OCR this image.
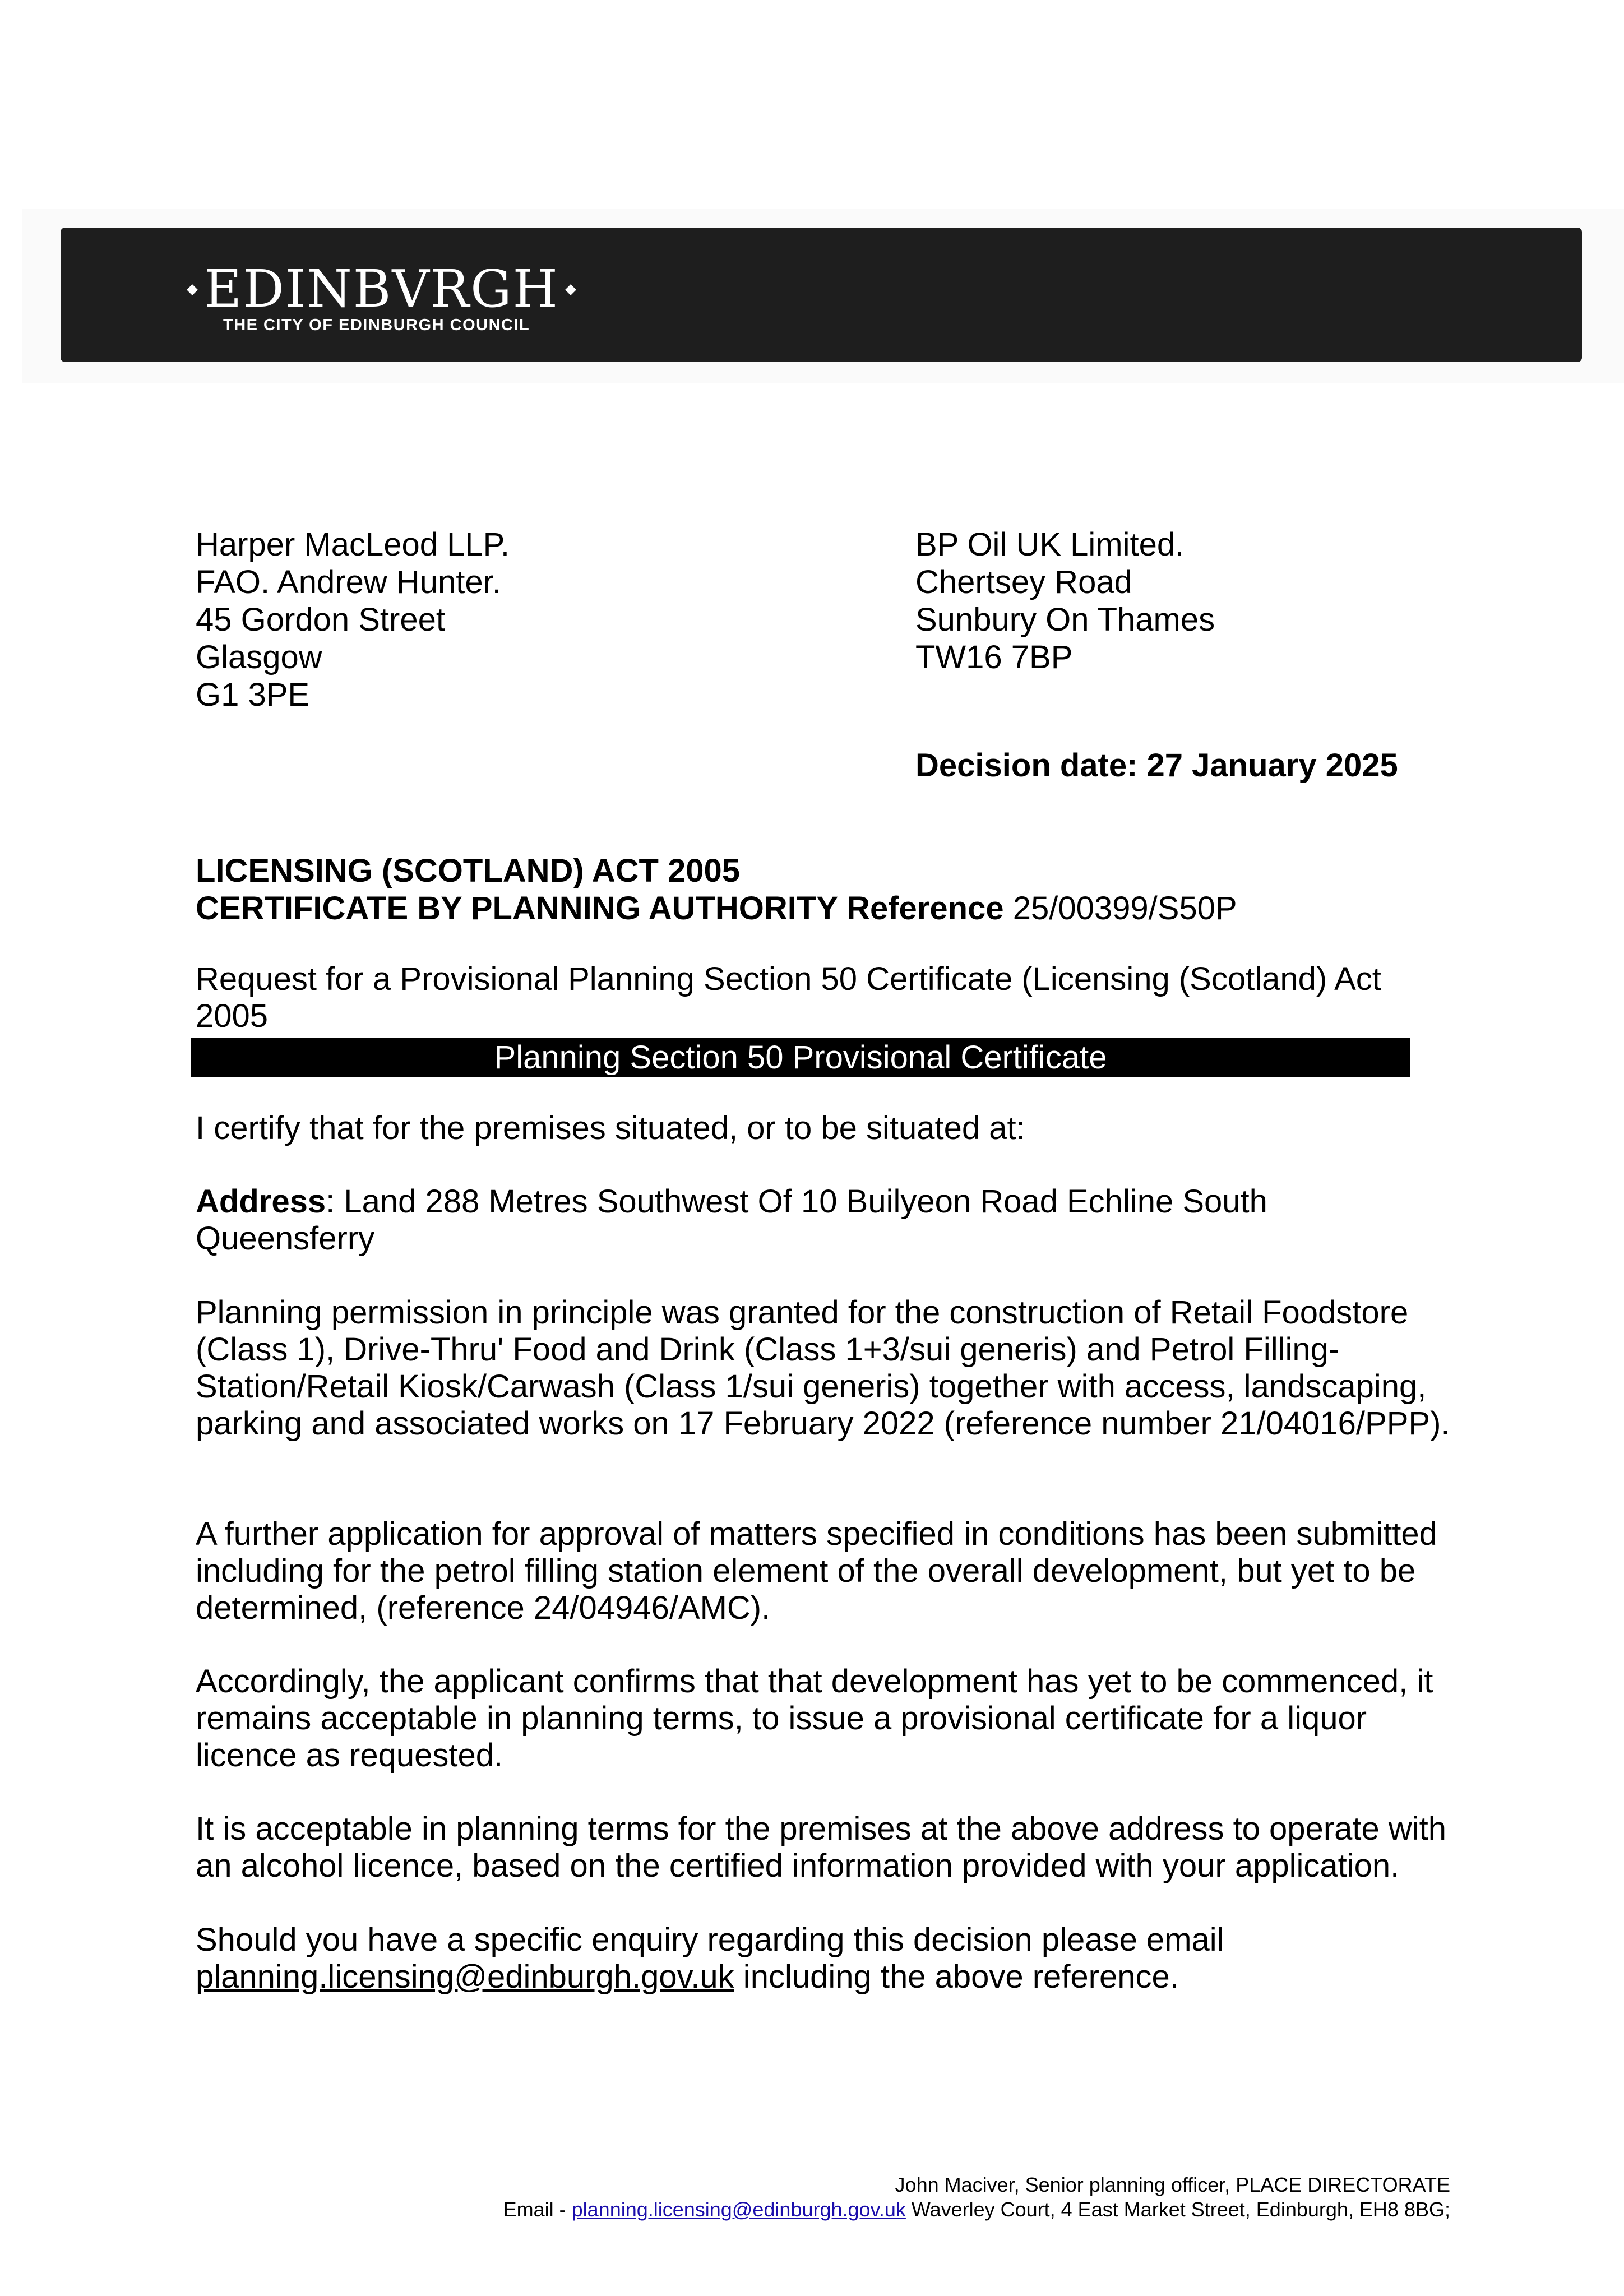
EDINBVRGH
THE CITY OF EDINBURGH COUNCIL
Harper MacLeod LLP.
FAO. Andrew Hunter.
45 Gordon Street
Glasgow
G1 3PE
BP Oil UK Limited.
Chertsey Road
Sunbury On Thames
TW16 7BP
Decision date: 27 January 2025
LICENSING (SCOTLAND) ACT 2005
CERTIFICATE BY PLANNING AUTHORITY Reference 25/00399/S50P
Request for a Provisional Planning Section 50 Certificate (Licensing (Scotland) Act 2005
Planning Section 50 Provisional Certificate
I certify that for the premises situated, or to be situated at:
Address: Land 288 Metres Southwest Of 10 Builyeon Road Echline South Queensferry
Planning permission in principle was granted for the construction of Retail Foodstore (Class 1), Drive-Thru' Food and Drink (Class 1+3/sui generis) and Petrol Filling-Station/Retail Kiosk/Carwash (Class 1/sui generis) together with access, landscaping, parking and associated works on 17 February 2022 (reference number 21/04016/PPP).
A further application for approval of matters specified in conditions has been submitted including for the petrol filling station element of the overall development, but yet to be determined, (reference 24/04946/AMC).
Accordingly, the applicant confirms that that development has yet to be commenced, it remains acceptable in planning terms, to issue a provisional certificate for a liquor licence as requested.
It is acceptable in planning terms for the premises at the above address to operate with an alcohol licence, based on the certified information provided with your application.
Should you have a specific enquiry regarding this decision please email planning.licensing@edinburgh.gov.uk including the above reference.
John Maciver, Senior planning officer, PLACE DIRECTORATE
Email - planning.licensing@edinburgh.gov.uk Waverley Court, 4 East Market Street, Edinburgh, EH8 8BG;
